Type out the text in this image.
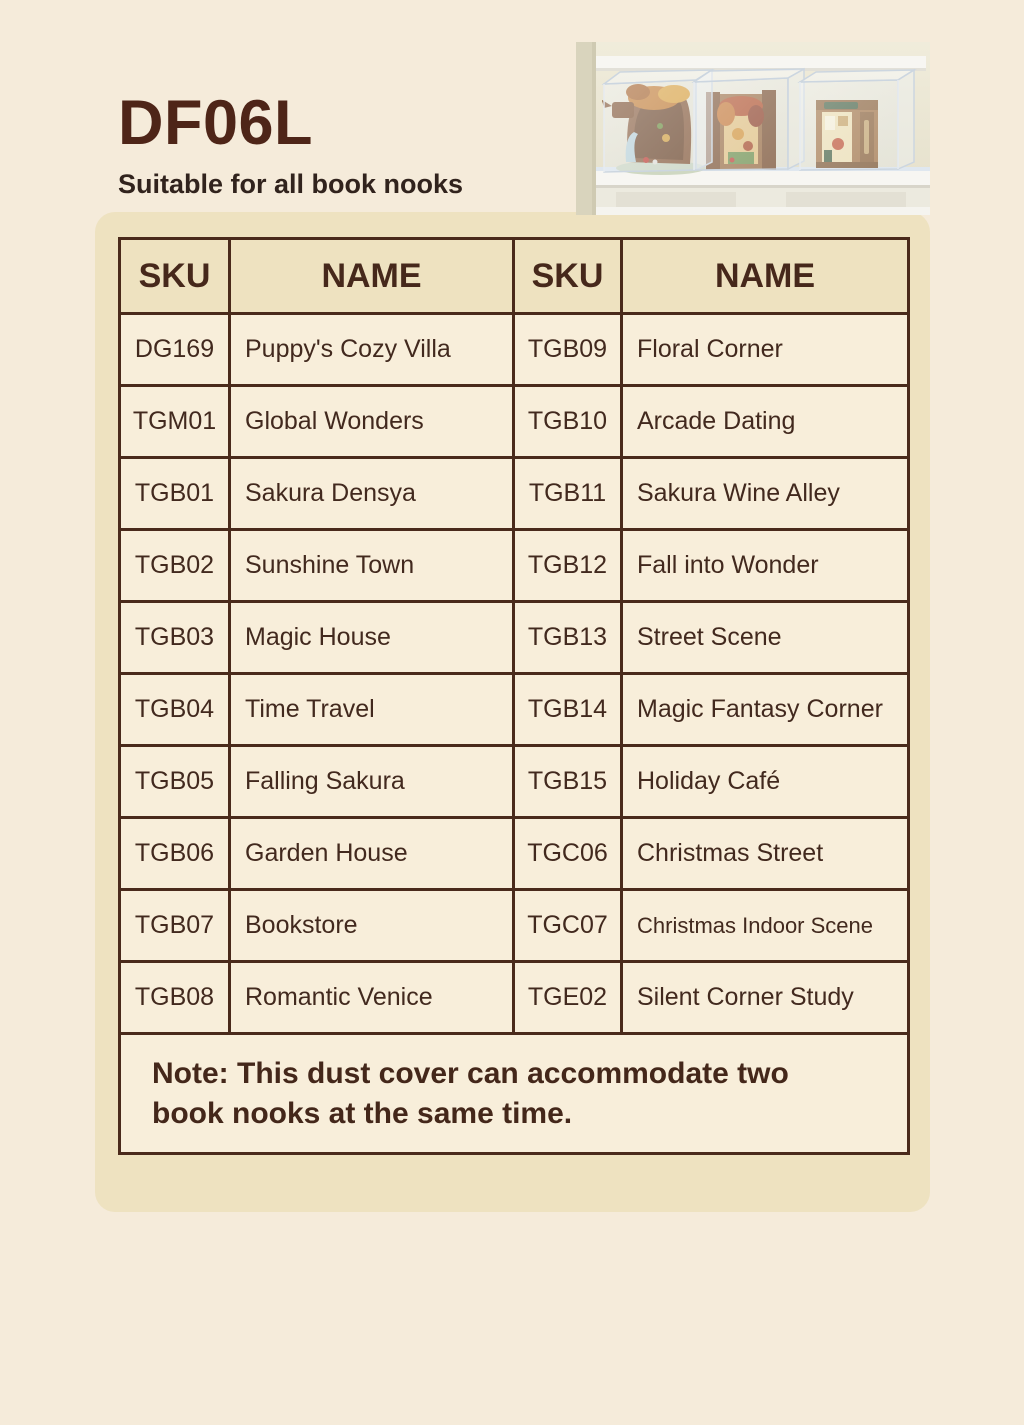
DF06L
Suitable for all book nooks
SKU	NAME	SKU	NAME
DG169	Puppy's Cozy Villa	TGB09	Floral Corner
TGM01	Global Wonders	TGB10	Arcade Dating
TGB01	Sakura Densya	TGB11	Sakura Wine Alley
TGB02	Sunshine Town	TGB12	Fall into Wonder
TGB03	Magic House	TGB13	Street Scene
TGB04	Time Travel	TGB14	Magic Fantasy Corner
TGB05	Falling Sakura	TGB15	Holiday Café
TGB06	Garden House	TGC06	Christmas Street
TGB07	Bookstore	TGC07	Christmas Indoor Scene
TGB08	Romantic Venice	TGE02	Silent Corner Study
Note: This dust cover can accommodate two book nooks at the same time.			
